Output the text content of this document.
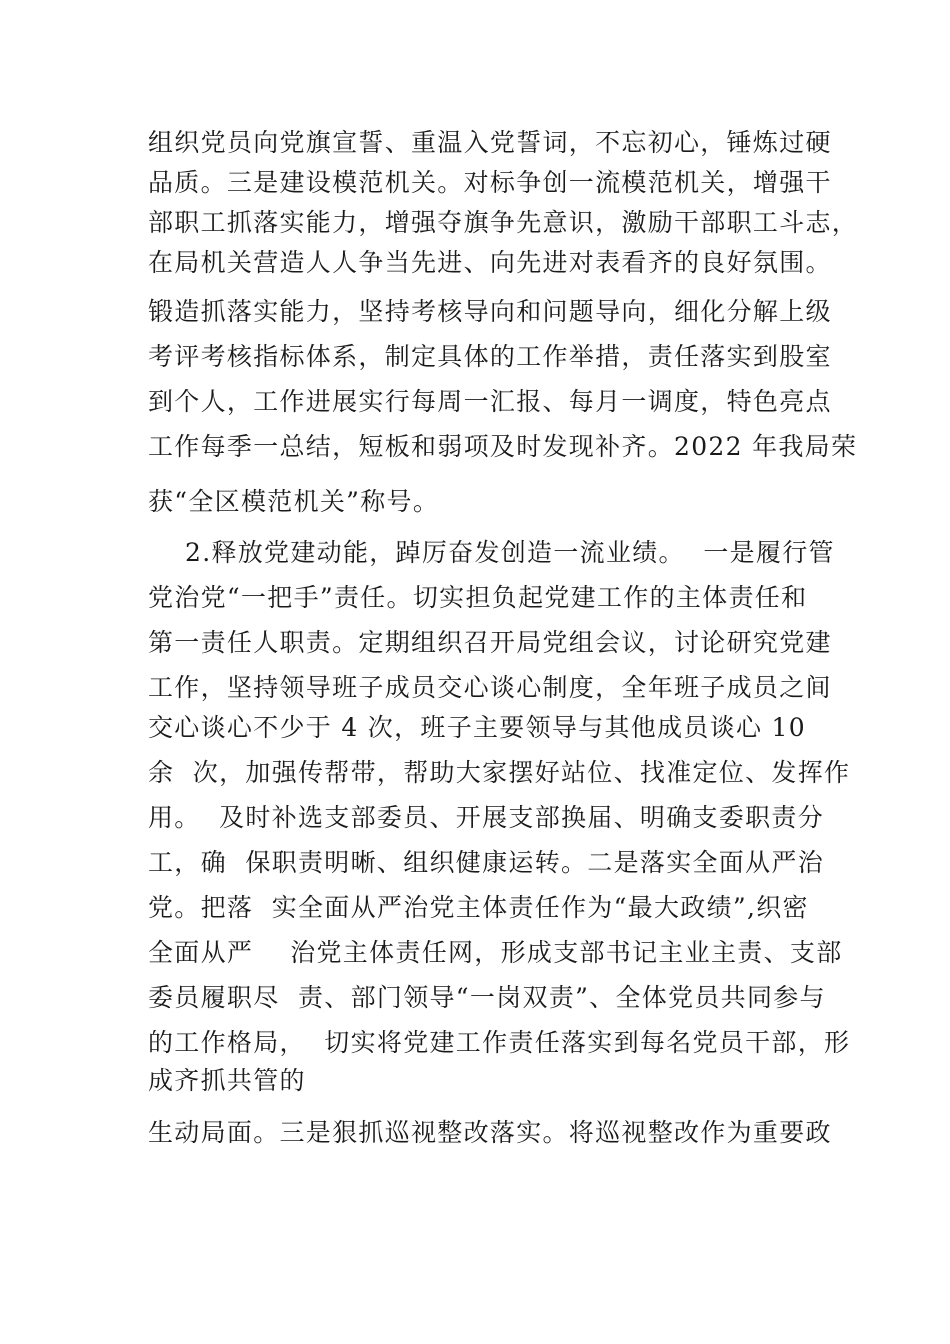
组织党员向党旗宣誓、重温入党誓词，不忘初心，锤炼过硬
品质。三是建设模范机关。对标争创一流模范机关，增强干
部职工抓落实能力，增强夺旗争先意识，激励干部职工斗志，
在局机关营造人人争当先进、向先进对表看齐的良好氛围。
锻造抓落实能力，坚持考核导向和问题导向，细化分解上级
考评考核指标体系，制定具体的工作举措，责任落实到股室
到个人，工作进展实行每周一汇报、每月一调度，特色亮点
工作每季一总结，短板和弱项及时发现补齐。2022 年我局荣
获“全区模范机关”称号。
2.释放党建动能，踔厉奋发创造一流业绩。  一是履行管
党治党“一把手”责任。切实担负起党建工作的主体责任和
第一责任人职责。定期组织召开局党组会议，讨论研究党建
工作，坚持领导班子成员交心谈心制度，全年班子成员之间
交心谈心不少于 4 次，班子主要领导与其他成员谈心 10
余  次，加强传帮带，帮助大家摆好站位、找准定位、发挥作
用。  及时补选支部委员、开展支部换届、明确支委职责分
工，确  保职责明晰、组织健康运转。二是落实全面从严治
党。把落  实全面从严治党主体责任作为“最大政绩”,织密
全面从严    治党主体责任网，形成支部书记主业主责、支部
委员履职尽  责、部门领导“一岗双责”、全体党员共同参与
的工作格局，  切实将党建工作责任落实到每名党员干部，形
成齐抓共管的
生动局面。三是狠抓巡视整改落实。将巡视整改作为重要政
